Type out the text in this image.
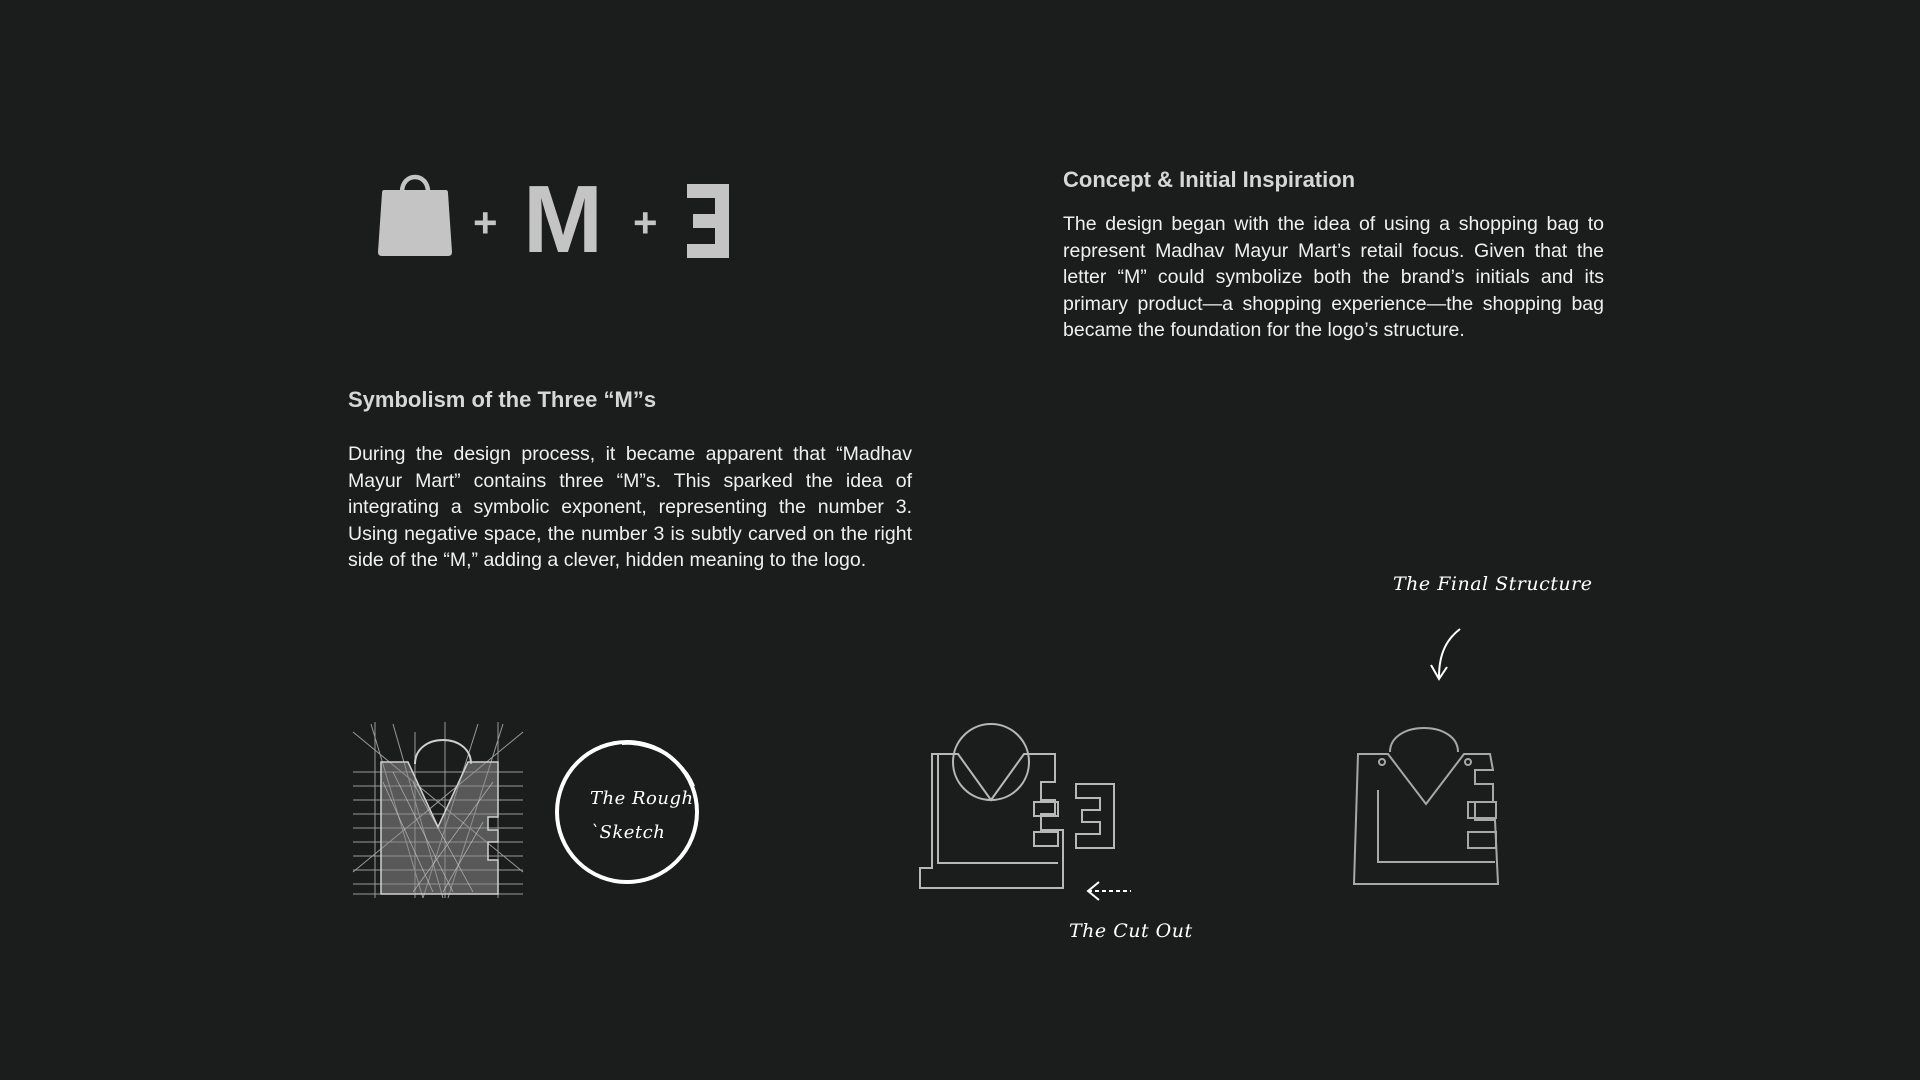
+ M +
Concept & Initial Inspiration

The design began with the idea of using a shopping bag to represent Madhav Mayur Mart’s retail focus. Given that the letter “M” could symbolize both the brand’s initials and its primary product—a shopping experience—the shopping bag became the foundation for the logo’s structure.

Symbolism of the Three “M”s

During the design process, it became apparent that “Madhav Mayur Mart” contains three “M”s. This sparked the idea of integrating a symbolic exponent, representing the number 3. Using negative space, the number 3 is subtly carved on the right side of the “M,” adding a clever, hidden meaning to the logo.

The Rough
`Sketch
The Cut Out
The Final Structure
